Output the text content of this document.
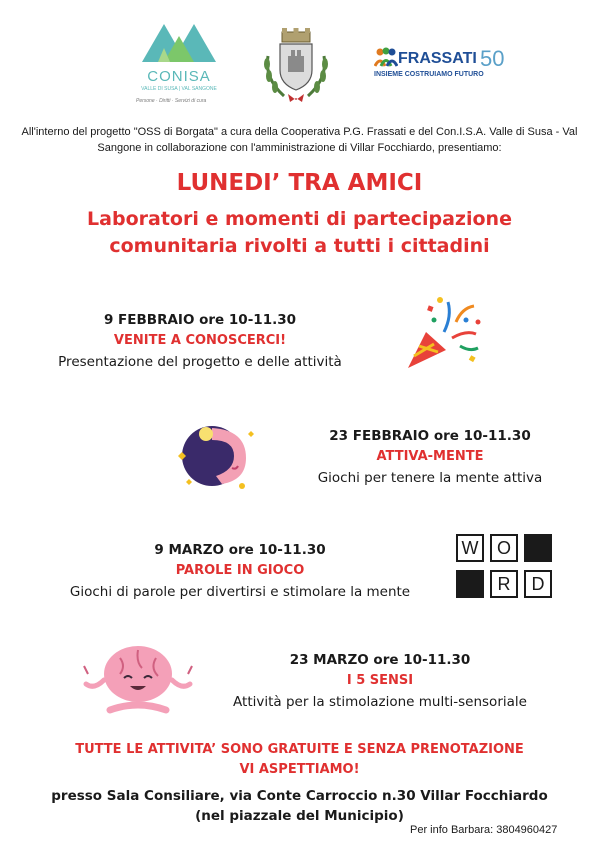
CONISA
VALLE DI SUSA | VAL SANGONE
Persone · Diritti · Servizi di cura
FRASSATI 50
INSIEME COSTRUIAMO FUTURO
All'interno del progetto "OSS di Borgata" a cura della Cooperativa P.G. Frassati e del Con.I.S.A. Valle di Susa - Val Sangone in collaborazione con l'amministrazione di Villar Focchiardo, presentiamo:
LUNEDI’ TRA AMICI
Laboratori e momenti di partecipazione
comunitaria rivolti a tutti i cittadini
9 FEBBRAIO ore 10-11.30
VENITE A CONOSCERCI!
Presentazione del progetto e delle attività
23 FEBBRAIO ore 10-11.30
ATTIVA-MENTE
Giochi per tenere la mente attiva
9 MARZO ore 10-11.30
PAROLE IN GIOCO
Giochi di parole per divertirsi e stimolare la mente
W	O
R	D
23 MARZO ore 10-11.30
I 5 SENSI
Attività per la stimolazione multi-sensoriale
TUTTE LE ATTIVITA’ SONO GRATUITE E SENZA PRENOTAZIONE
VI ASPETTIAMO!
presso Sala Consiliare, via Conte Carroccio n.30 Villar Focchiardo
(nel piazzale del Municipio)
Per info Barbara: 3804960427
